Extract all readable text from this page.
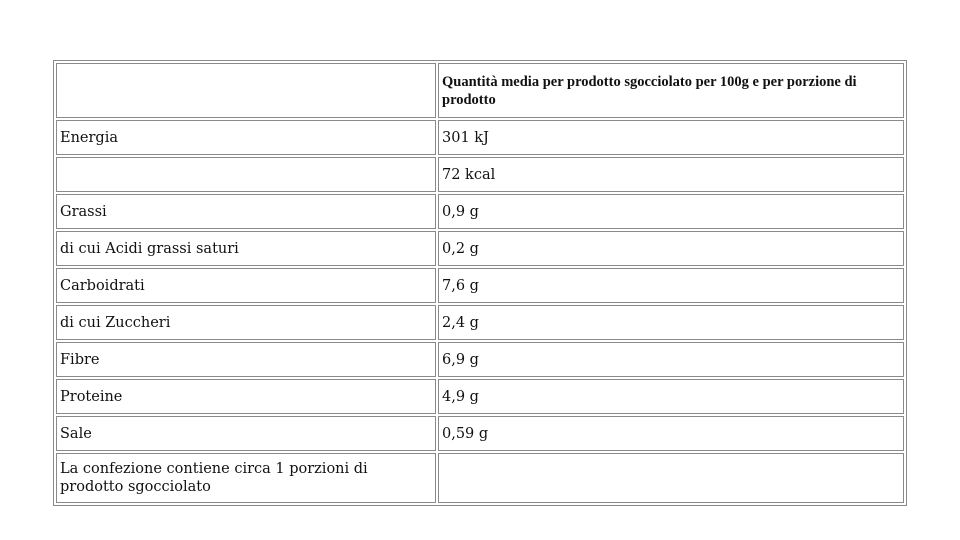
	Quantità media per prodotto sgocciolato per 100g e per porzione di prodotto
Energia	301 kJ
	72 kcal
Grassi	0,9 g
di cui Acidi grassi saturi	0,2 g
Carboidrati	7,6 g
di cui Zuccheri	2,4 g
Fibre	6,9 g
Proteine	4,9 g
Sale	0,59 g
La confezione contiene circa 1 porzioni di prodotto sgocciolato	
